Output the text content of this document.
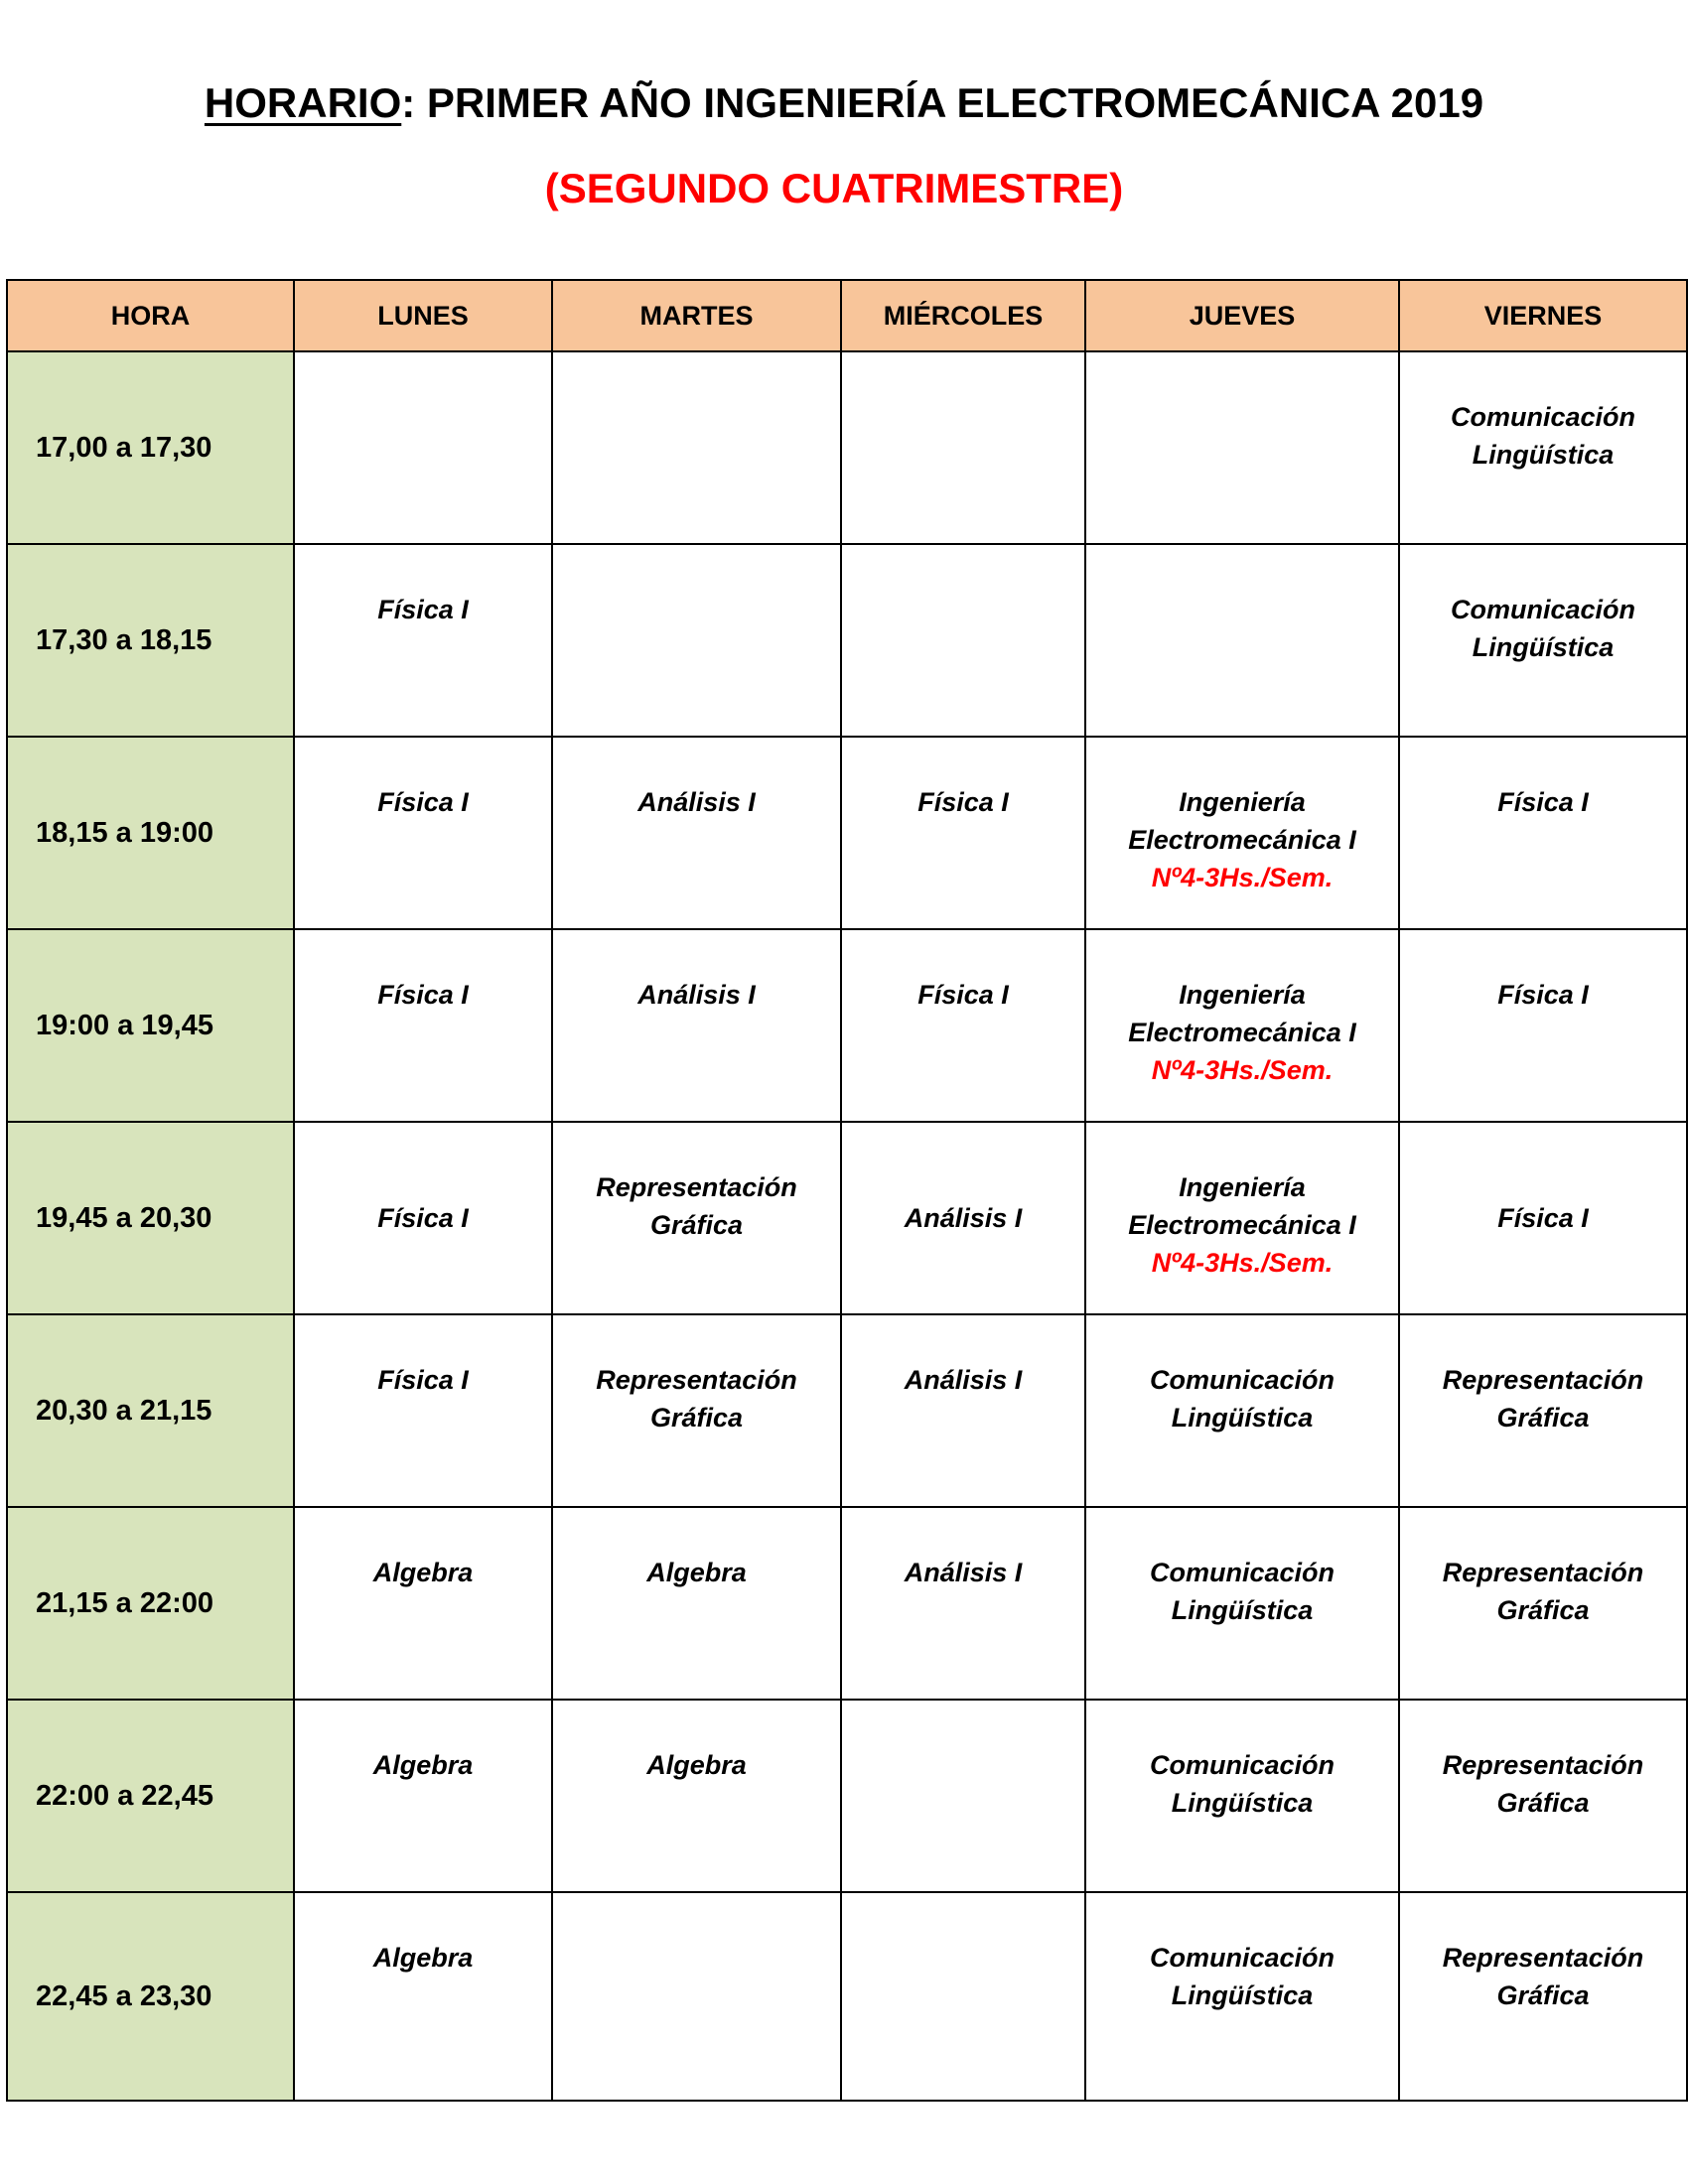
HORARIO: PRIMER AÑO INGENIERÍA ELECTROMECÁNICA 2019
(SEGUNDO CUATRIMESTRE)
HORA	LUNES	MARTES	MIÉRCOLES	JUEVES	VIERNES
17,00 a 17,30					Comunicación
Lingüística

17,30 a 18,15	Física I				Comunicación
Lingüística

18,15 a 19:00	Física I	Análisis I	Física I	Ingeniería
Electromecánica I
Nº4-3Hs./Sem.	Física I

19:00 a 19,45	Física I	Análisis I	Física I	Ingeniería
Electromecánica I
Nº4-3Hs./Sem.	Física I

19,45 a 20,30	Física I	Representación
Gráfica	Análisis I	Ingeniería
Electromecánica I
Nº4-3Hs./Sem.	Física I

20,30 a 21,15	Física I	Representación
Gráfica	Análisis I	Comunicación
Lingüística	Representación
Gráfica

21,15 a 22:00	Algebra	Algebra	Análisis I	Comunicación
Lingüística	Representación
Gráfica

22:00 a 22,45	Algebra	Algebra		Comunicación
Lingüística	Representación
Gráfica

22,45 a 23,30	Algebra			Comunicación
Lingüística	Representación
Gráfica
